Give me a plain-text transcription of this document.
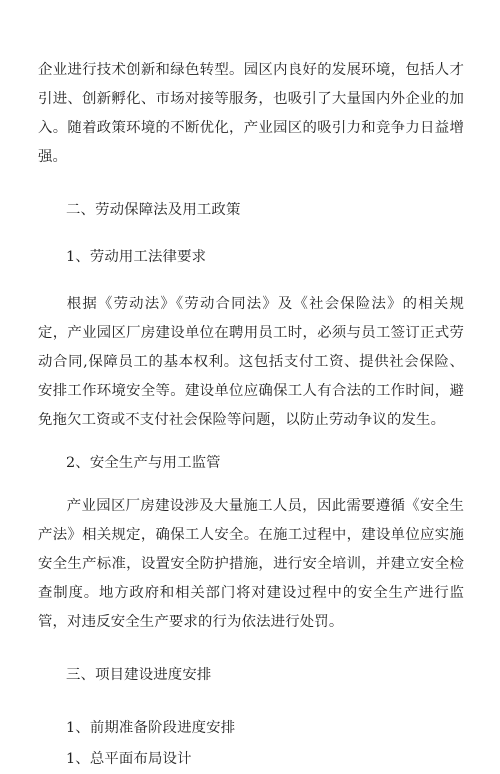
企业进行技术创新和绿色转型。园区内良好的发展环境，包括人才引进、创新孵化、市场对接等服务，也吸引了大量国内外企业的加入。随着政策环境的不断优化，产业园区的吸引力和竞争力日益增强。

二、劳动保障法及用工政策

1、劳动用工法律要求

根据《劳动法》《劳动合同法》及《社会保险法》的相关规定，产业园区厂房建设单位在聘用员工时，必须与员工签订正式劳动合同,保障员工的基本权利。这包括支付工资、提供社会保险、安排工作环境安全等。建设单位应确保工人有合法的工作时间，避免拖欠工资或不支付社会保险等问题，以防止劳动争议的发生。

2、安全生产与用工监管

产业园区厂房建设涉及大量施工人员，因此需要遵循《安全生产法》相关规定，确保工人安全。在施工过程中，建设单位应实施安全生产标准，设置安全防护措施，进行安全培训，并建立安全检查制度。地方政府和相关部门将对建设过程中的安全生产进行监管，对违反安全生产要求的行为依法进行处罚。

三、项目建设进度安排

1、前期准备阶段进度安排

1、总平面布局设计
